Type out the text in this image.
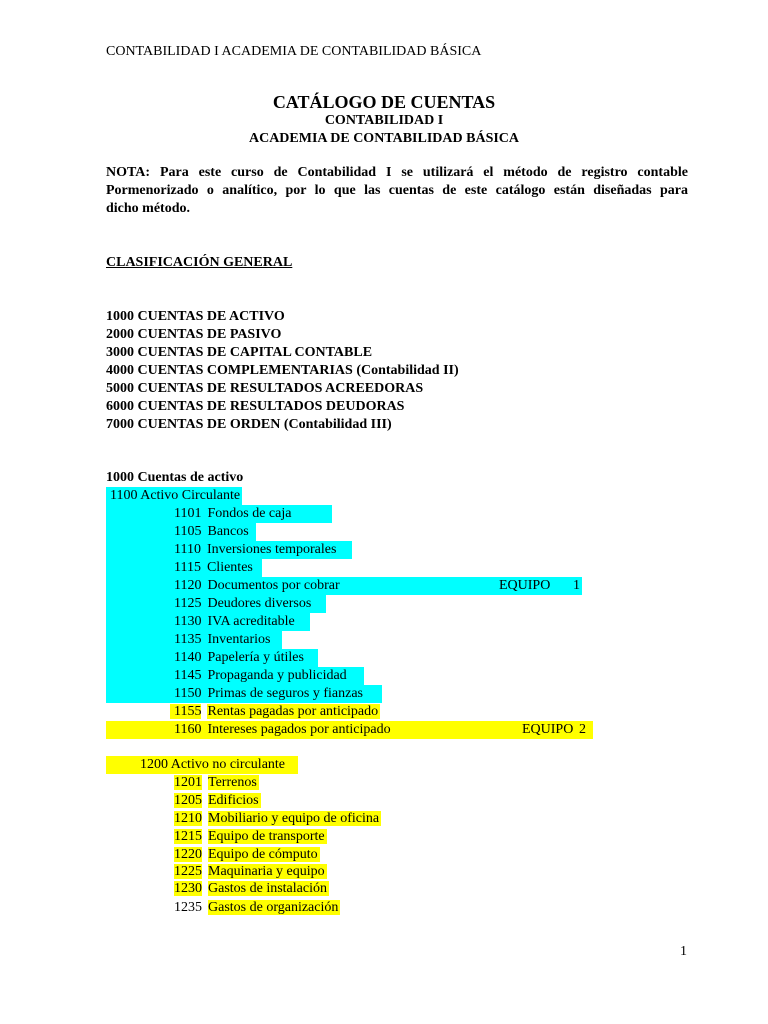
CONTABILIDAD I ACADEMIA DE CONTABILIDAD BÁSICA
CATÁLOGO DE CUENTAS
CONTABILIDAD I
ACADEMIA DE CONTABILIDAD BÁSICA
NOTA: Para este curso de Contabilidad I se utilizará el método de registro contable
Pormenorizado o analítico, por lo que las cuentas de este catálogo están diseñadas para
dicho método.
CLASIFICACIÓN GENERAL
1000 CUENTAS DE ACTIVO
2000 CUENTAS DE PASIVO
3000 CUENTAS DE CAPITAL CONTABLE
4000 CUENTAS COMPLEMENTARIAS (Contabilidad II)
5000 CUENTAS DE RESULTADOS ACREEDORAS
6000 CUENTAS DE RESULTADOS DEUDORAS
7000 CUENTAS DE ORDEN (Contabilidad III)
1000 Cuentas de activo
1100 Activo Circulante
1101 Fondos de caja
1105 Bancos
1110 Inversiones temporales
1115 Clientes
1120 Documentos por cobrar	EQUIPO 1
1125 Deudores diversos
1130 IVA acreditable
1135 Inventarios
1140 Papelería y útiles
1145 Propaganda y publicidad
1150 Primas de seguros y fianzas
1155 Rentas pagadas por anticipado
1160 Intereses pagados por anticipado	EQUIPO 2
1200 Activo no circulante
1201 Terrenos
1205 Edificios
1210 Mobiliario y equipo de oficina
1215 Equipo de transporte
1220 Equipo de cómputo
1225 Maquinaria y equipo
1230 Gastos de instalación
1235 Gastos de organización
1
